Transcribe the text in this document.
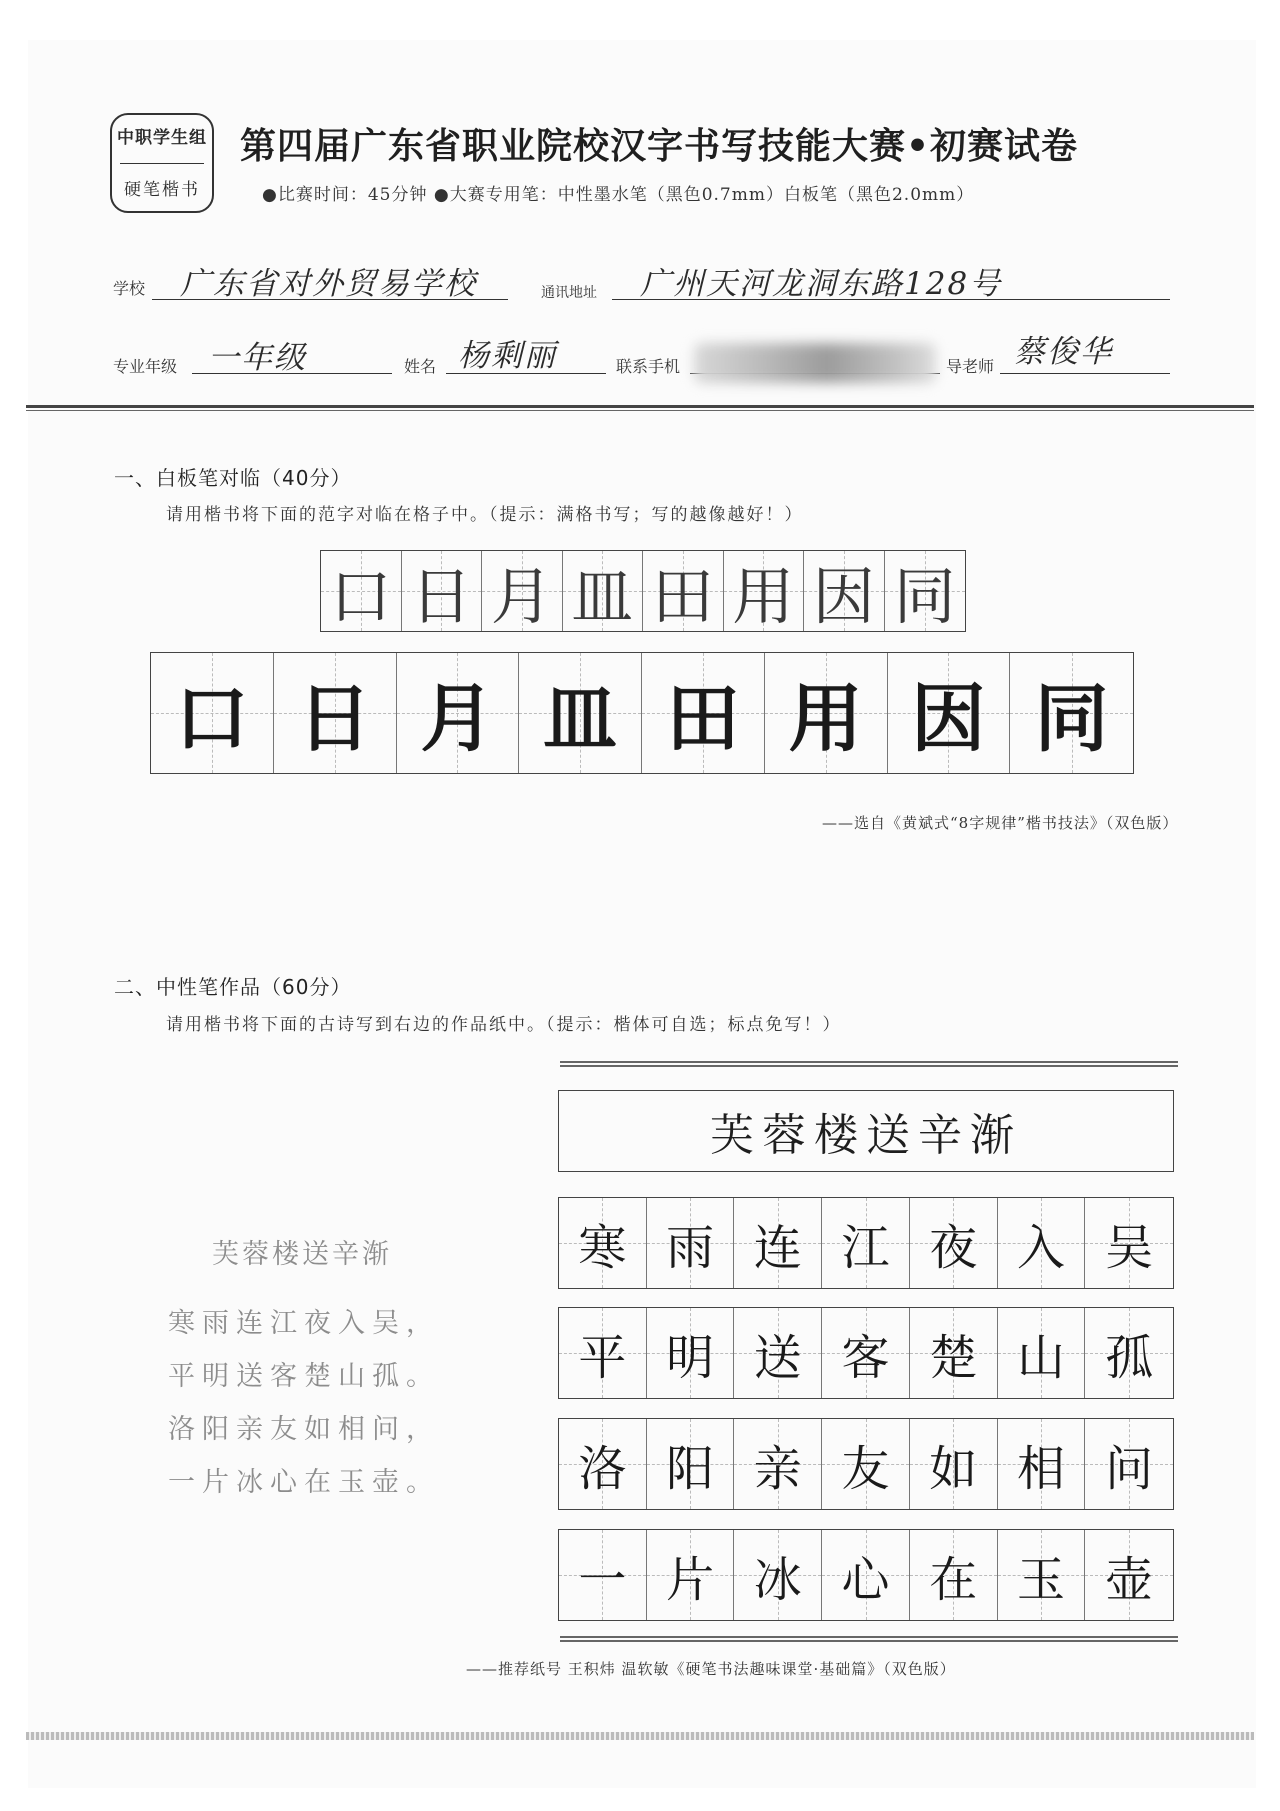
中职学生组
硬笔楷书
第四届广东省职业院校汉字书写技能大赛•初赛试卷
●比赛时间：45分钟 ●大赛专用笔：中性墨水笔（黑色0.7mm）白板笔（黑色2.0mm）
学校 广东省对外贸易学校	通讯地址 广州天河龙洞东路128号
专业年级 一年级	姓名 杨剩丽	联系手机	导老师 蔡俊华
一、白板笔对临（40分）
请用楷书将下面的范字对临在格子中。（提示：满格书写；写的越像越好！）
口 日 月 皿 田 用 因 同
口 日 月 皿 田 用 因 同
——选自《黄斌式“8字规律”楷书技法》（双色版）
二、中性笔作品（60分）
请用楷书将下面的古诗写到右边的作品纸中。（提示：楷体可自选；标点免写！）
芙蓉楼送辛渐
寒雨连江夜入吴，
平明送客楚山孤。
洛阳亲友如相问，
一片冰心在玉壶。
芙蓉楼送辛渐
寒 雨 连 江 夜 入 吴
平 明 送 客 楚 山 孤
洛 阳 亲 友 如 相 问
一 片 冰 心 在 玉 壶
——推荐纸号 王积炜 温软敏《硬笔书法趣味课堂·基础篇》（双色版）
